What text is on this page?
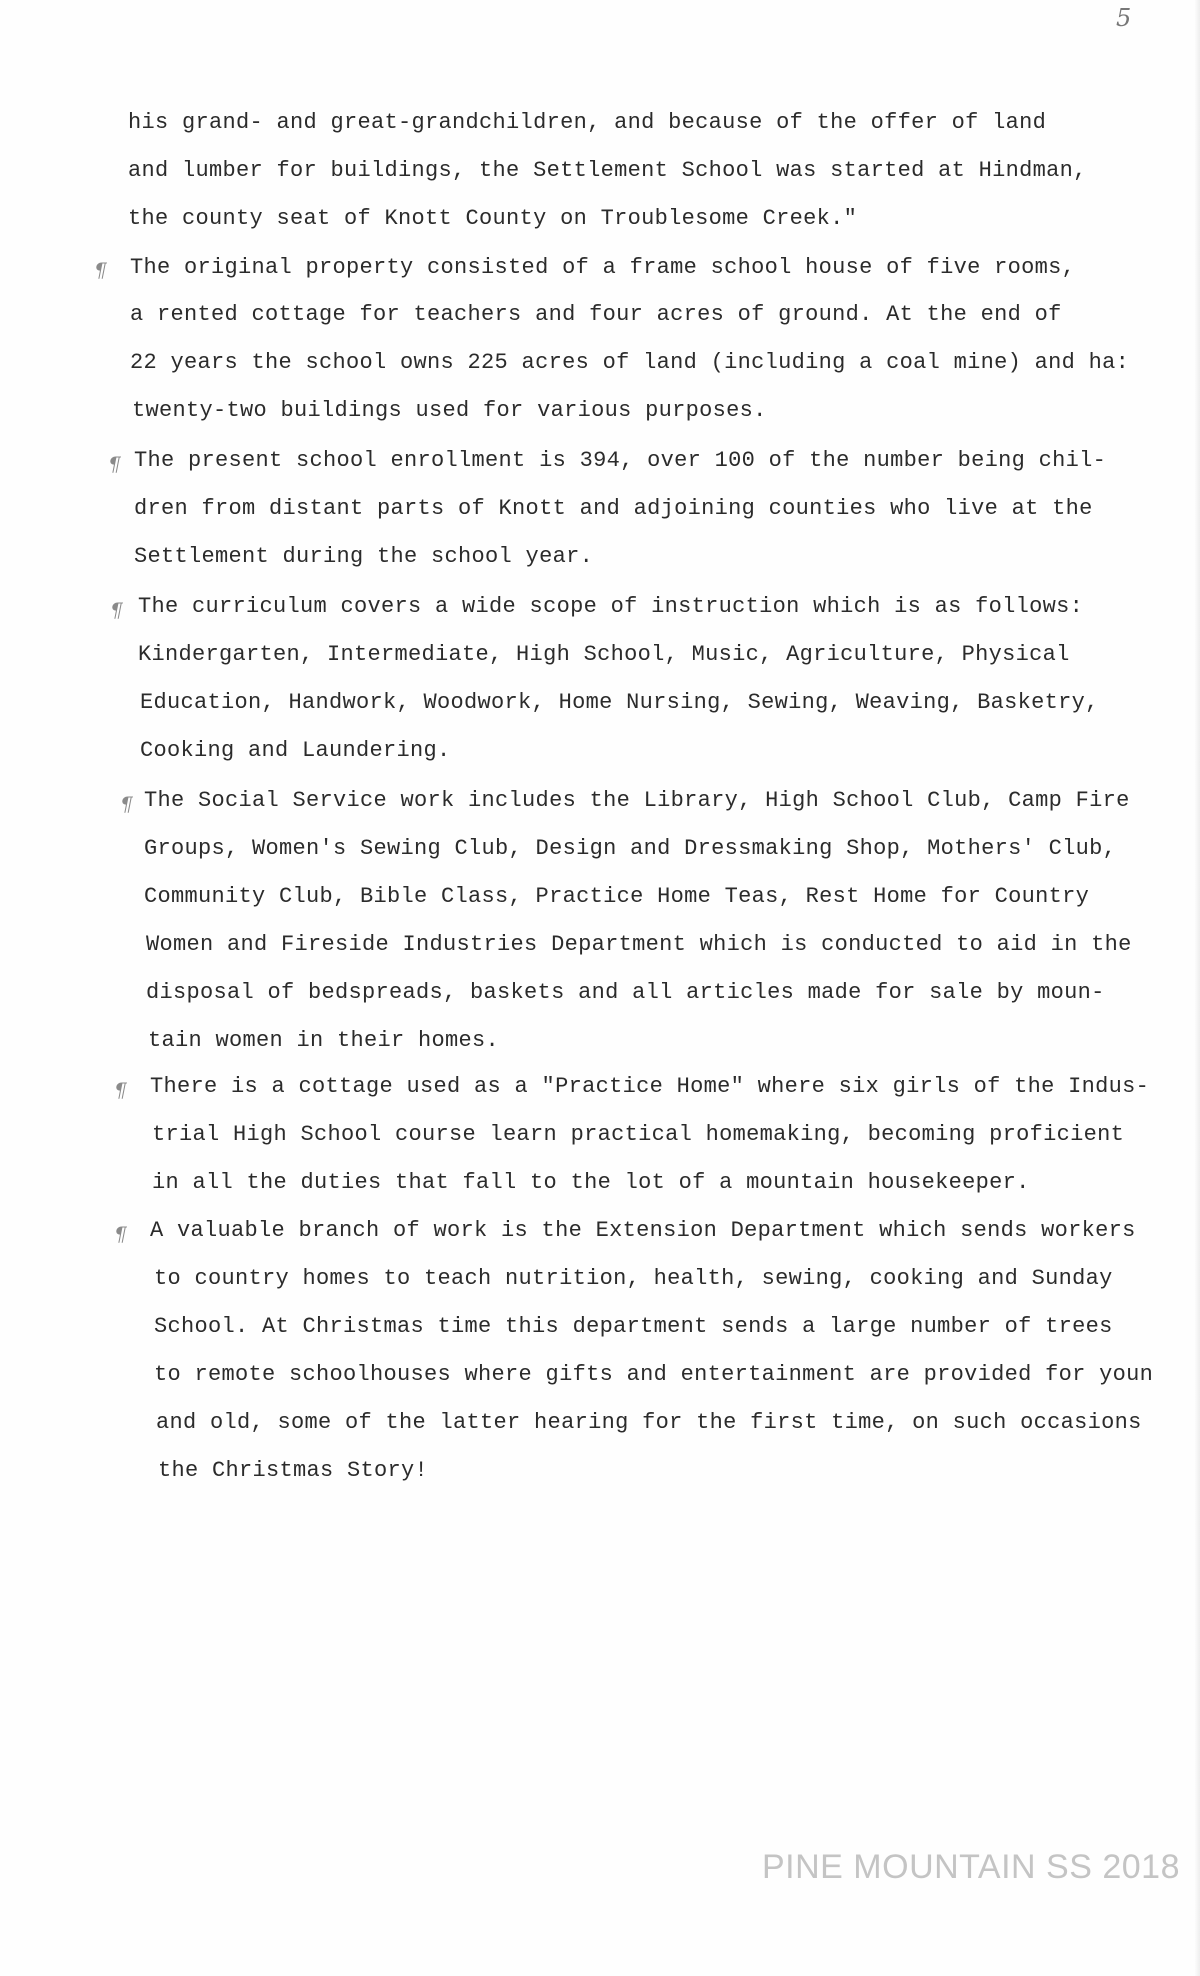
5

his grand- and great-grandchildren, and because of the offer of land

and lumber for buildings, the Settlement School was started at Hindman,

the county seat of Knott County on Troublesome Creek."

¶ The original property consisted of a frame school house of five rooms,

a rented cottage for teachers and four acres of ground. At the end of

22 years the school owns 225 acres of land (including a coal mine) and ha:

twenty-two buildings used for various purposes.

¶ The present school enrollment is 394, over 100 of the number being chil-

dren from distant parts of Knott and adjoining counties who live at the

Settlement during the school year.

¶ The curriculum covers a wide scope of instruction which is as follows:

Kindergarten, Intermediate, High School, Music, Agriculture, Physical

Education, Handwork, Woodwork, Home Nursing, Sewing, Weaving, Basketry,

Cooking and Laundering.

¶ The Social Service work includes the Library, High School Club, Camp Fire

Groups, Women's Sewing Club, Design and Dressmaking Shop, Mothers' Club,

Community Club, Bible Class, Practice Home Teas, Rest Home for Country

Women and Fireside Industries Department which is conducted to aid in the

disposal of bedspreads, baskets and all articles made for sale by moun-

tain women in their homes.

¶ There is a cottage used as a "Practice Home" where six girls of the Indus-

trial High School course learn practical homemaking, becoming proficient

in all the duties that fall to the lot of a mountain housekeeper.

¶ A valuable branch of work is the Extension Department which sends workers

to country homes to teach nutrition, health, sewing, cooking and Sunday

School. At Christmas time this department sends a large number of trees

to remote schoolhouses where gifts and entertainment are provided for youn

and old, some of the latter hearing for the first time, on such occasions

the Christmas Story!

PINE MOUNTAIN SS 2018
